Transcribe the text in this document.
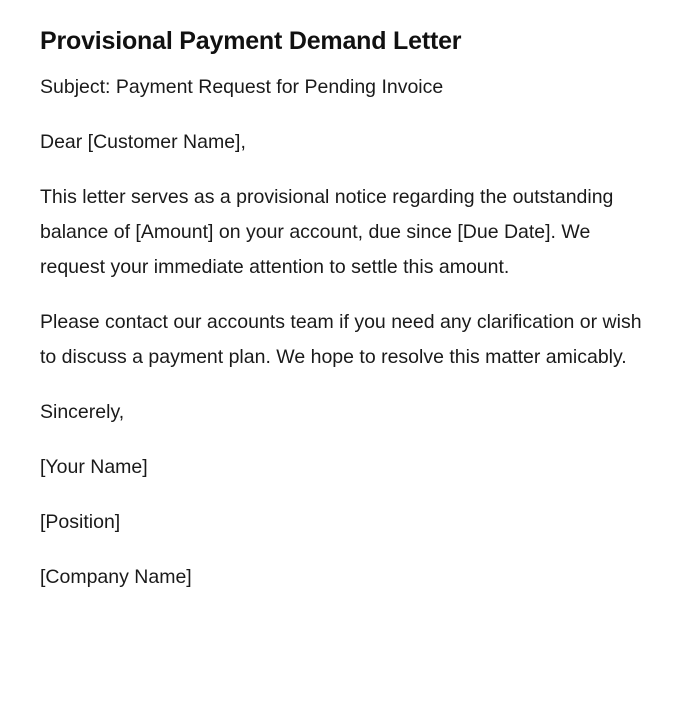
Provisional Payment Demand Letter

Subject: Payment Request for Pending Invoice

Dear [Customer Name],

This letter serves as a provisional notice regarding the outstanding balance of [Amount] on your account, due since [Due Date]. We request your immediate attention to settle this amount.

Please contact our accounts team if you need any clarification or wish to discuss a payment plan. We hope to resolve this matter amicably.

Sincerely,

[Your Name]

[Position]

[Company Name]
